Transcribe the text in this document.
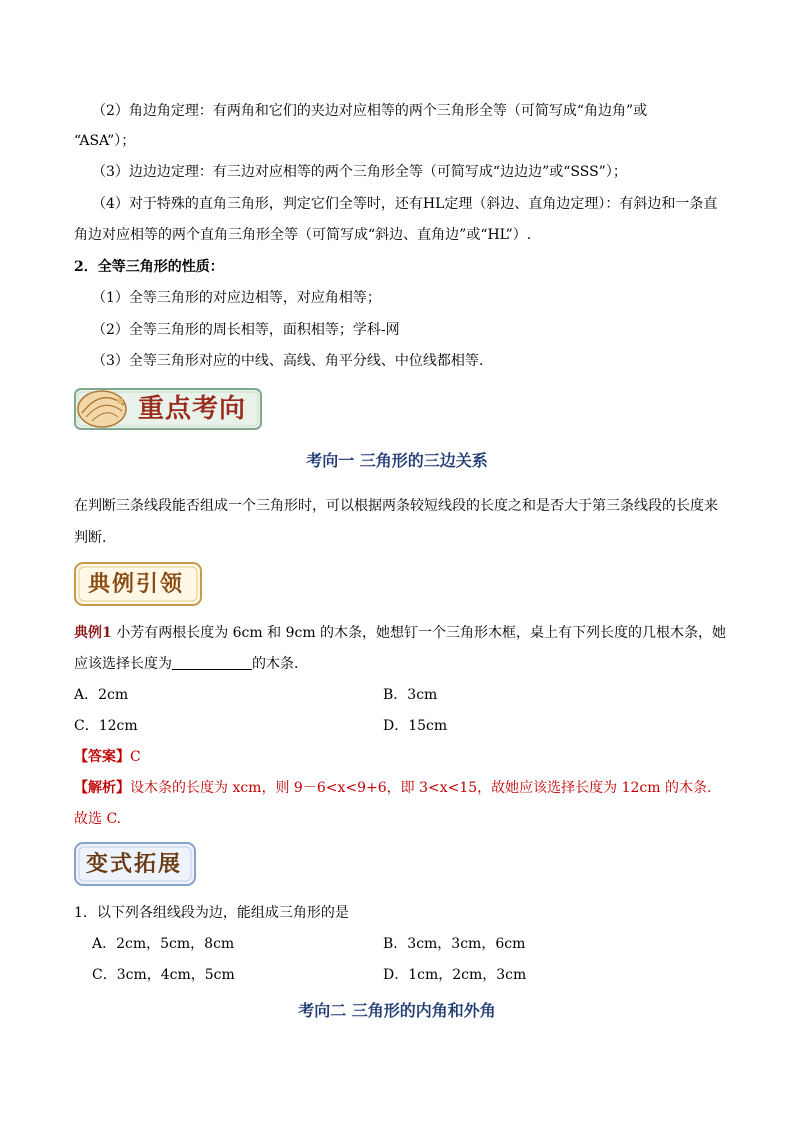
（2）角边角定理：有两角和它们的夹边对应相等的两个三角形全等（可简写成“角边角”或
“ASA”）；
（3）边边边定理：有三边对应相等的两个三角形全等（可简写成“边边边”或“SSS”）；
（4）对于特殊的直角三角形，判定它们全等时，还有HL定理（斜边、直角边定理）：有斜边和一条直
角边对应相等的两个直角三角形全等（可简写成“斜边、直角边”或“HL”）.
2．全等三角形的性质：
（1）全等三角形的对应边相等，对应角相等；
（2）全等三角形的周长相等，面积相等；学科-网
（3）全等三角形对应的中线、高线、角平分线、中位线都相等.
重点考向
考向一 三角形的三边关系
在判断三条线段能否组成一个三角形时，可以根据两条较短线段的长度之和是否大于第三条线段的长度来
判断.
典例引领
典例1 小芳有两根长度为 6cm 和 9cm 的木条，她想钉一个三角形木框，桌上有下列长度的几根木条，她
应该选择长度为	的木条.
A．2cm	B．3cm
C．12cm	D．15cm
【答案】C
【解析】设木条的长度为 xcm，则 9－6<x<9+6，即 3<x<15，故她应该选择长度为 12cm 的木条.
故选 C.
变式拓展
1．以下列各组线段为边，能组成三角形的是
A．2cm，5cm，8cm	B．3cm，3cm，6cm
C．3cm，4cm，5cm	D．1cm，2cm，3cm
考向二 三角形的内角和外角
